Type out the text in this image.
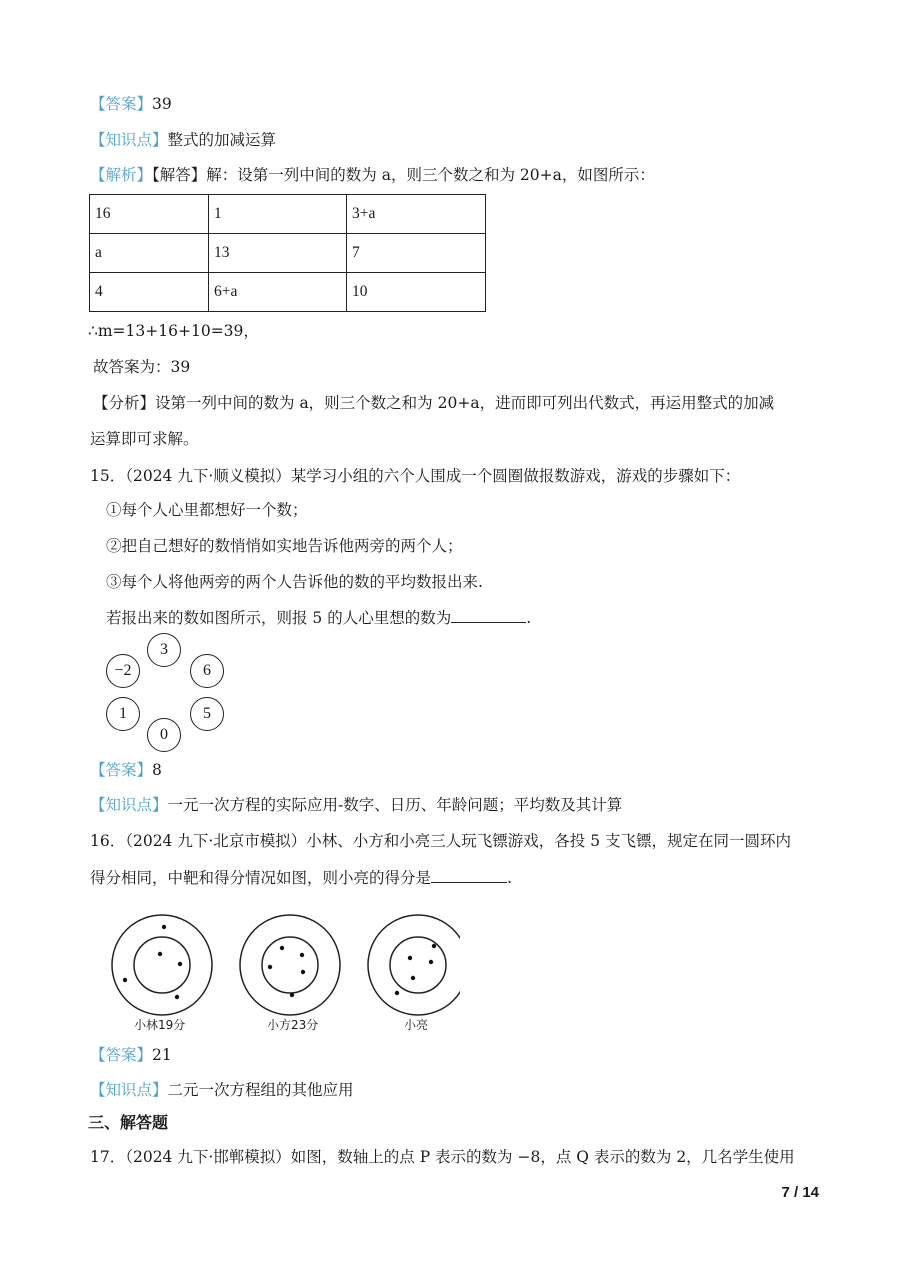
【答案】39
【知识点】整式的加减运算
【解析】【解答】解：设第一列中间的数为 a，则三个数之和为 20+a，如图所示：
16	1	3+a
a	13	7
4	6+a	10
∴m=13+16+10=39，
故答案为：39
【分析】设第一列中间的数为 a，则三个数之和为 20+a，进而即可列出代数式，再运用整式的加减
运算即可求解。
15．（2024 九下·顺义模拟）某学习小组的六个人围成一个圆圈做报数游戏，游戏的步骤如下：
①每个人心里都想好一个数；
②把自己想好的数悄悄如实地告诉他两旁的两个人；
③每个人将他两旁的两个人告诉他的数的平均数报出来.
若报出来的数如图所示，则报 5 的人心里想的数为	.
3
−2	6
1	5
0
【答案】8
【知识点】一元一次方程的实际应用-数字、日历、年龄问题；平均数及其计算
16．（2024 九下·北京市模拟）小林、小方和小亮三人玩飞镖游戏，各投 5 支飞镖，规定在同一圆环内
得分相同，中靶和得分情况如图，则小亮的得分是	.
小林19分	小方23分	小亮
【答案】21
【知识点】二元一次方程组的其他应用
三、解答题
17．（2024 九下·邯郸模拟）如图，数轴上的点 P 表示的数为 −8，点 Q 表示的数为 2，几名学生使用
7 / 14
